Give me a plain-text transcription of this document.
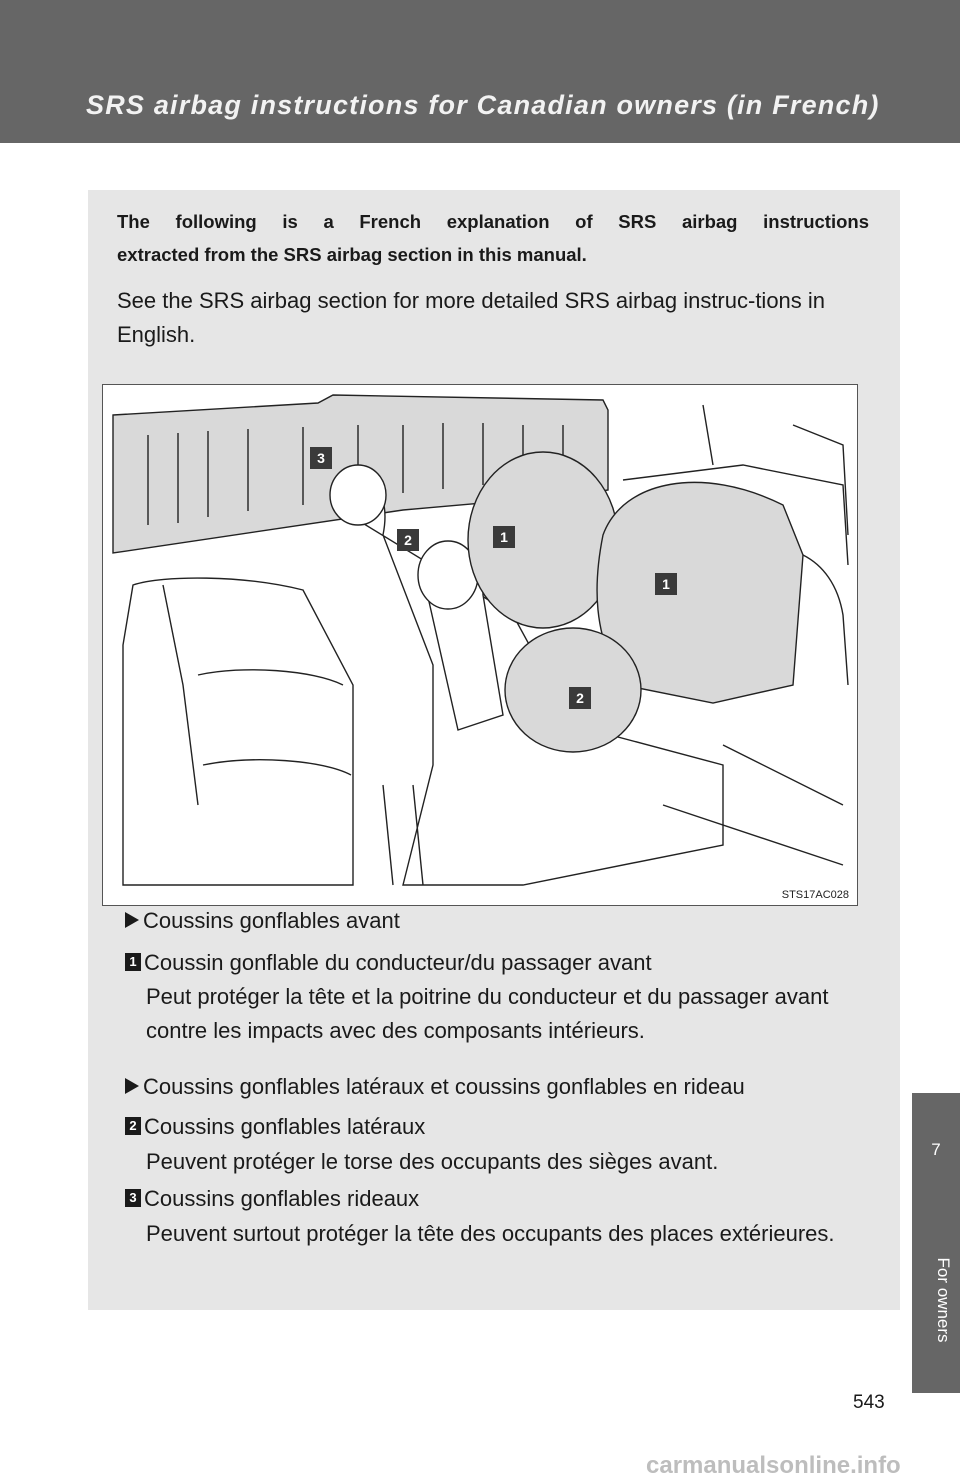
SRS airbag instructions for Canadian owners (in French)
The following is a French explanation of SRS airbag instructions
extracted from the SRS airbag section in this manual.
See the SRS airbag section for more detailed SRS airbag instruc-tions in English.
3
2	1
1
2
STS17AC028
Coussins gonflables avant
1 Coussin gonflable du conducteur/du passager avant
Peut protéger la tête et la poitrine du conducteur et du passager avant contre les impacts avec des composants intérieurs.
Coussins gonflables latéraux et coussins gonflables en rideau
2 Coussins gonflables latéraux
Peuvent protéger le torse des occupants des sièges avant.
3 Coussins gonflables rideaux
Peuvent surtout protéger la tête des occupants des places extérieures.
7
For owners
543
carmanualsonline.info
